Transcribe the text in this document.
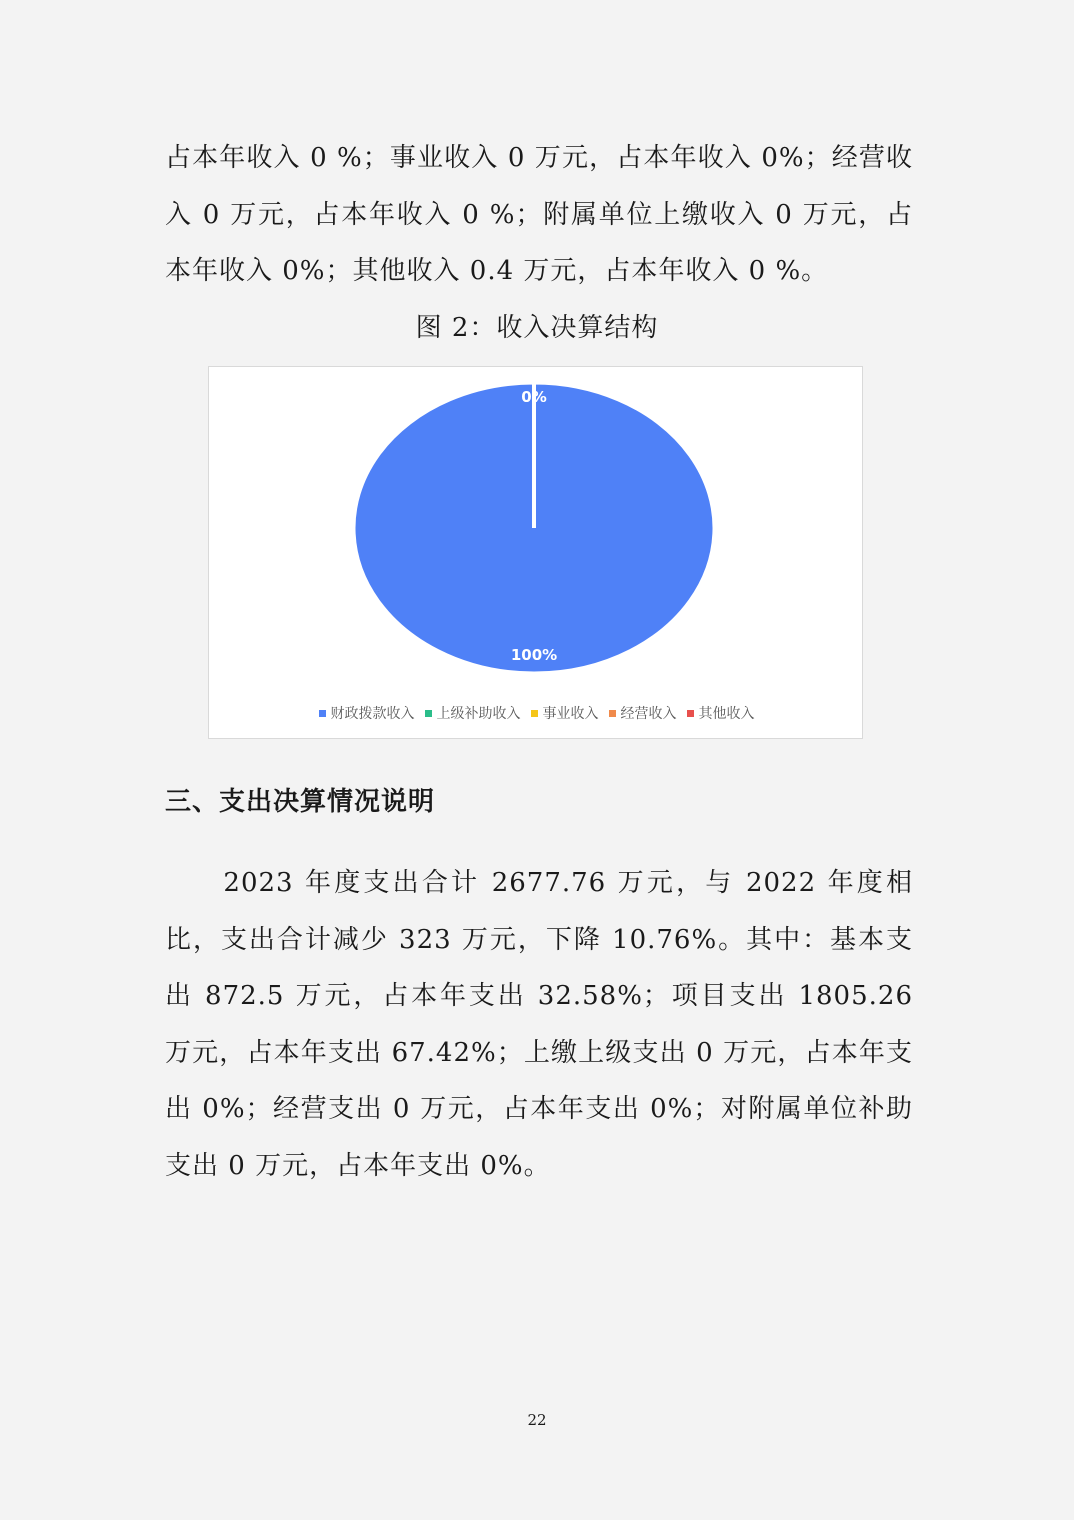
占本年收入 0 %；事业收入 0 万元，占本年收入 0%；经营收入 0 万元，占本年收入 0 %；附属单位上缴收入 0 万元，占本年收入 0%；其他收入 0.4 万元，占本年收入 0 %。

图 2：收入决算结构
100%
0%
财政拨款收入 上级补助收入 事业收入 经营收入 其他收入
三、支出决算情况说明

　　2023 年度支出合计 2677.76 万元，与 2022 年度相比，支出合计减少 323 万元，下降 10.76%。其中：基本支出 872.5 万元，占本年支出 32.58%；项目支出 1805.26 万元，占本年支出 67.42%；上缴上级支出 0 万元，占本年支出 0%；经营支出 0 万元，占本年支出 0%；对附属单位补助支出 0 万元，占本年支出 0%。

22
